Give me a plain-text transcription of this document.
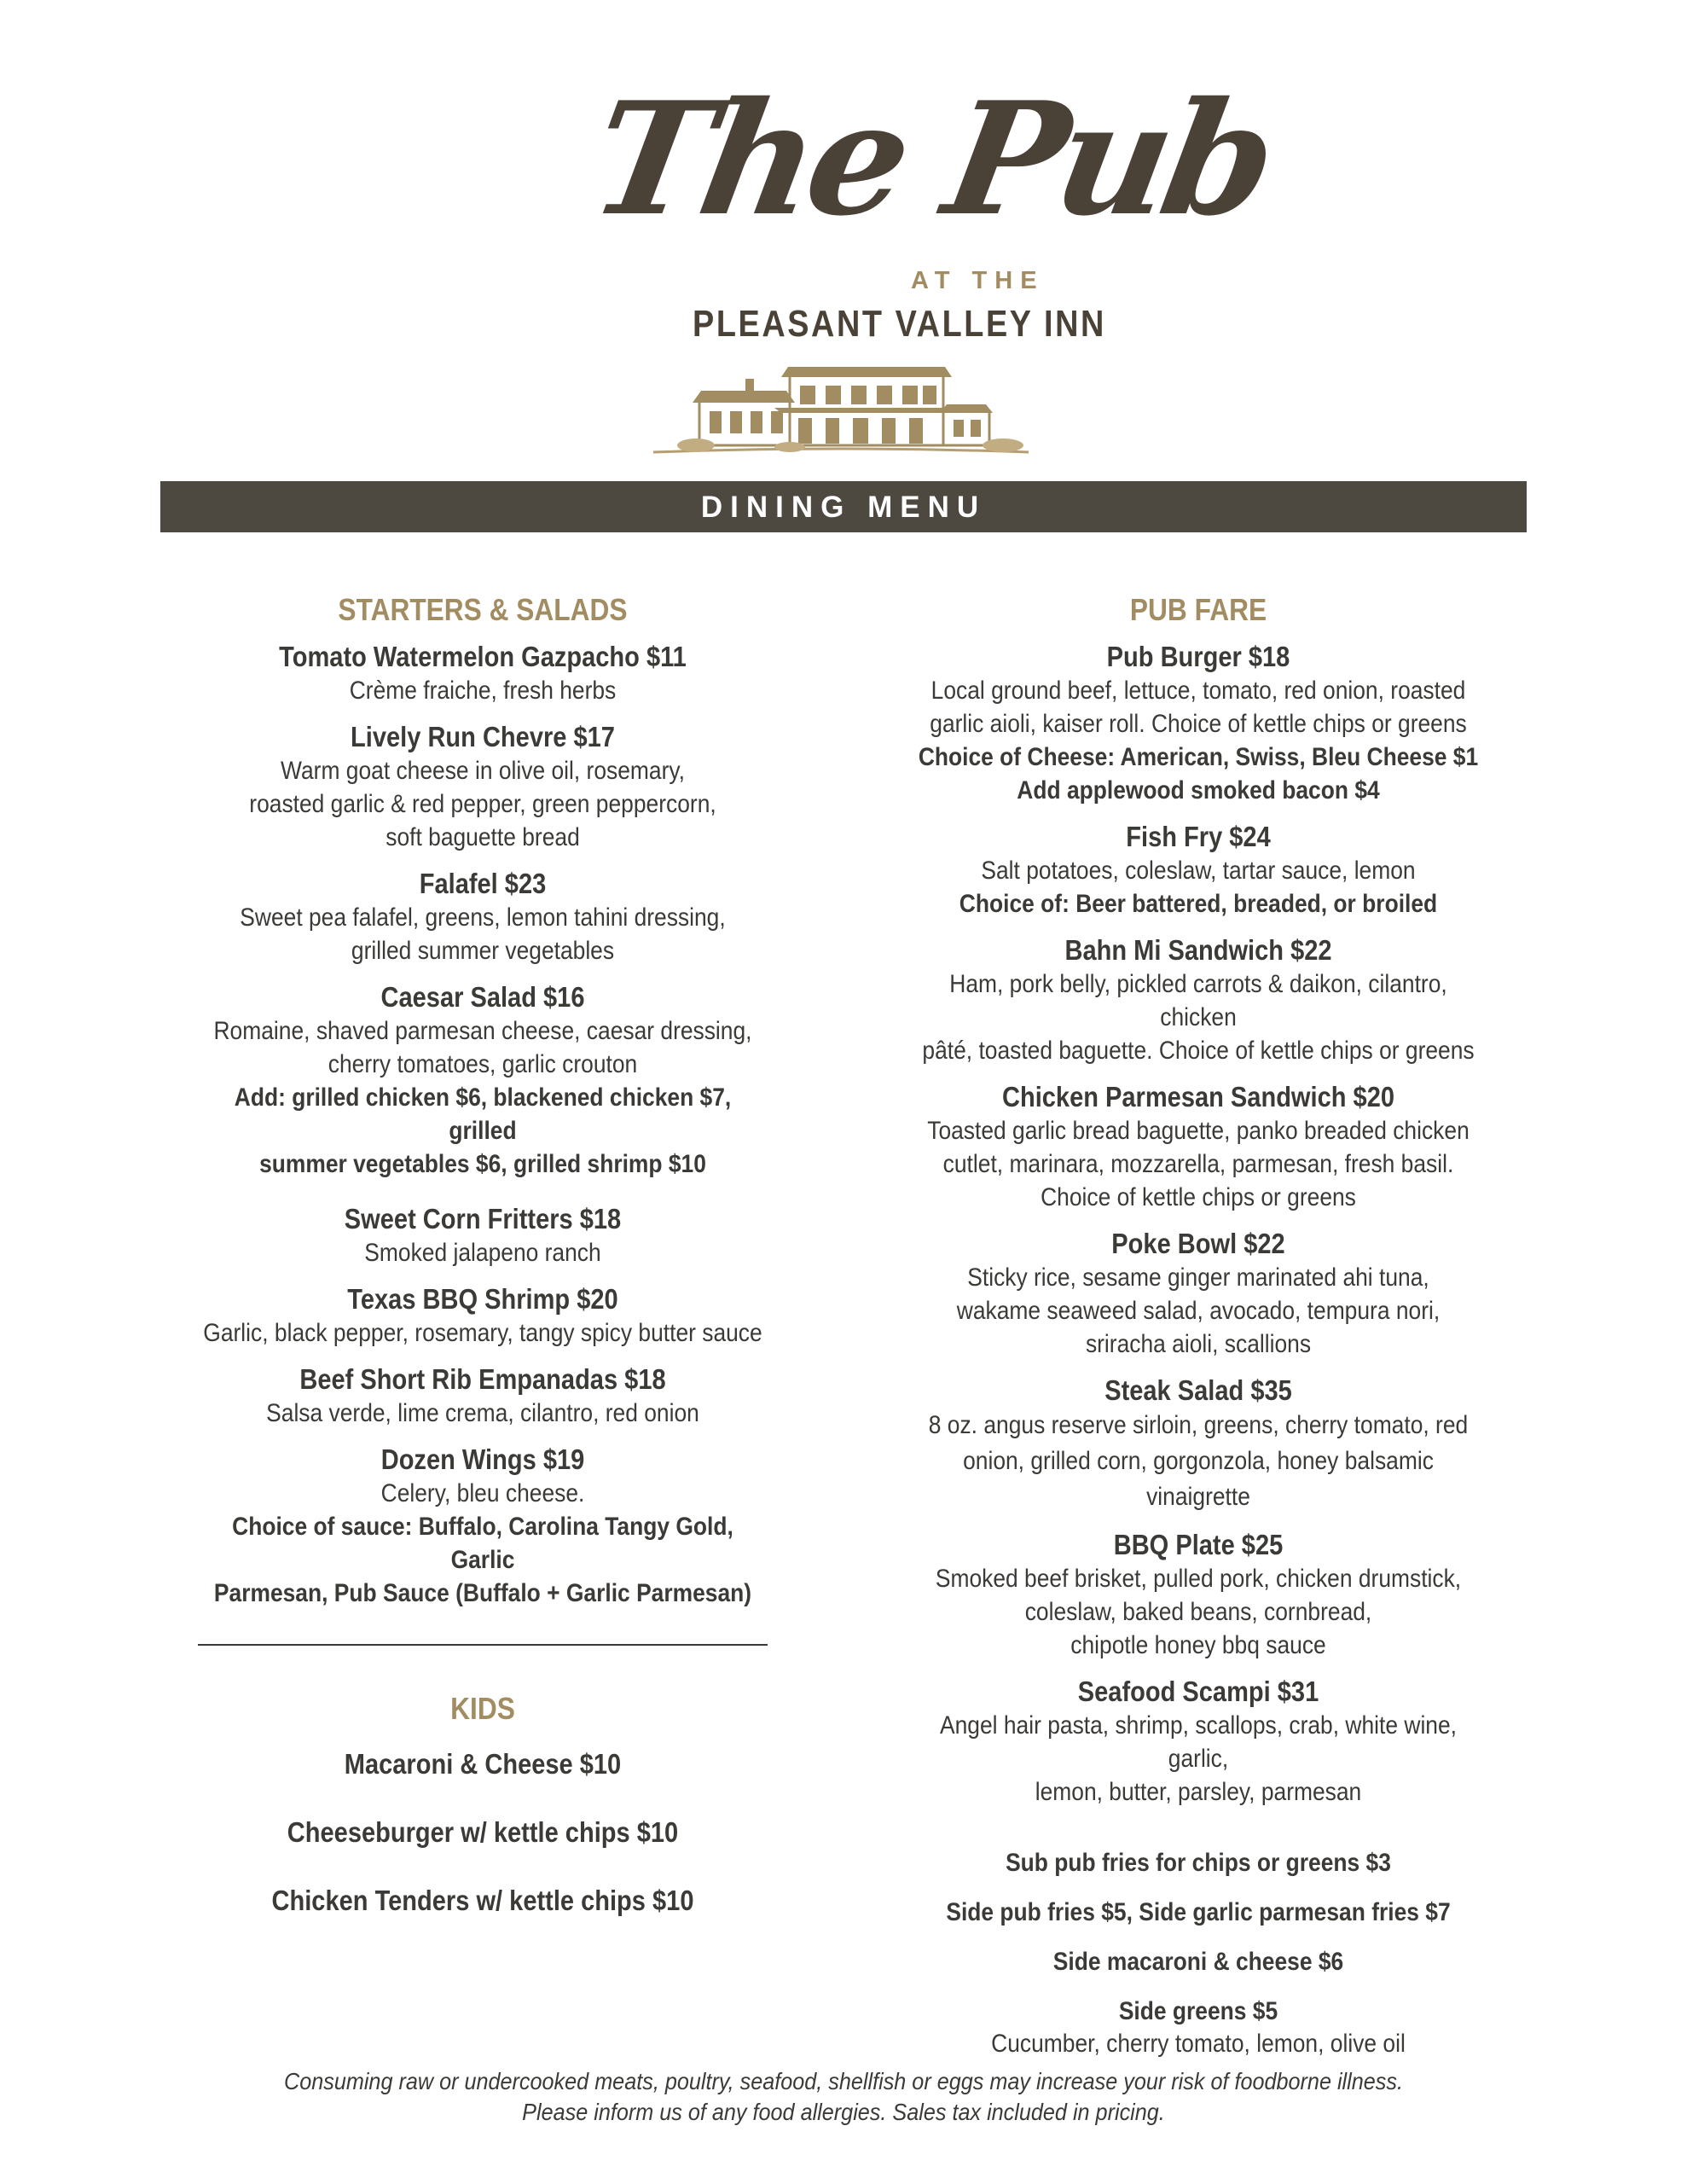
The Pub
AT THE
PLEASANT VALLEY INN
DINING MENU
STARTERS & SALADS
Tomato Watermelon Gazpacho $11
Crème fraiche, fresh herbs
Lively Run Chevre $17
Warm goat cheese in olive oil, rosemary,
roasted garlic & red pepper, green peppercorn,
soft baguette bread
Falafel $23
Sweet pea falafel, greens, lemon tahini dressing,
grilled summer vegetables
Caesar Salad $16
Romaine, shaved parmesan cheese, caesar dressing,
cherry tomatoes, garlic crouton
Add: grilled chicken $6, blackened chicken $7, grilled
summer vegetables $6, grilled shrimp $10
Sweet Corn Fritters $18
Smoked jalapeno ranch
Texas BBQ Shrimp $20
Garlic, black pepper, rosemary, tangy spicy butter sauce
Beef Short Rib Empanadas $18
Salsa verde, lime crema, cilantro, red onion
Dozen Wings $19
Celery, bleu cheese.
Choice of sauce: Buffalo, Carolina Tangy Gold, Garlic
Parmesan, Pub Sauce (Buffalo + Garlic Parmesan)
KIDS
Macaroni & Cheese $10
Cheeseburger w/ kettle chips $10
Chicken Tenders w/ kettle chips $10
PUB FARE
Pub Burger $18
Local ground beef, lettuce, tomato, red onion, roasted
garlic aioli, kaiser roll. Choice of kettle chips or greens
Choice of Cheese: American, Swiss, Bleu Cheese $1
Add applewood smoked bacon $4
Fish Fry $24
Salt potatoes, coleslaw, tartar sauce, lemon
Choice of: Beer battered, breaded, or broiled
Bahn Mi Sandwich $22
Ham, pork belly, pickled carrots & daikon, cilantro, chicken
pâté, toasted baguette. Choice of kettle chips or greens
Chicken Parmesan Sandwich $20
Toasted garlic bread baguette, panko breaded chicken
cutlet, marinara, mozzarella, parmesan, fresh basil.
Choice of kettle chips or greens
Poke Bowl $22
Sticky rice, sesame ginger marinated ahi tuna,
wakame seaweed salad, avocado, tempura nori,
sriracha aioli, scallions
Steak Salad $35
8 oz. angus reserve sirloin, greens, cherry tomato, red
onion, grilled corn, gorgonzola, honey balsamic vinaigrette
BBQ Plate $25
Smoked beef brisket, pulled pork, chicken drumstick,
coleslaw, baked beans, cornbread,
chipotle honey bbq sauce
Seafood Scampi $31
Angel hair pasta, shrimp, scallops, crab, white wine, garlic,
lemon, butter, parsley, parmesan
Sub pub fries for chips or greens $3
Side pub fries $5, Side garlic parmesan fries $7
Side macaroni & cheese $6
Side greens $5
Cucumber, cherry tomato, lemon, olive oil
Consuming raw or undercooked meats, poultry, seafood, shellfish or eggs may increase your risk of foodborne illness.
Please inform us of any food allergies. Sales tax included in pricing.
